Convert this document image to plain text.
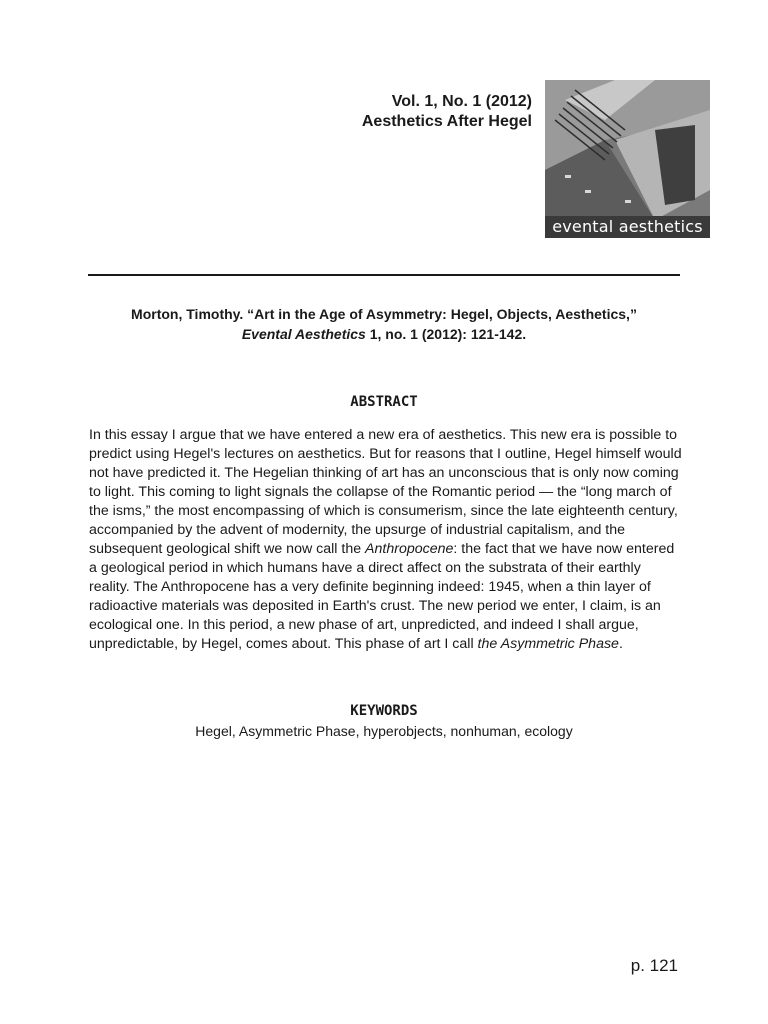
Vol. 1, No. 1 (2012)
Aesthetics After Hegel
evental aesthetics
Morton, Timothy. “Art in the Age of Asymmetry: Hegel, Objects, Aesthetics,”
Evental Aesthetics 1, no. 1 (2012): 121-142.
ABSTRACT

In this essay I argue that we have entered a new era of aesthetics. This new era is possible to predict using Hegel's lectures on aesthetics. But for reasons that I outline, Hegel himself would not have predicted it. The Hegelian thinking of art has an unconscious that is only now coming to light. This coming to light signals the collapse of the Romantic period — the “long march of the isms,” the most encompassing of which is consumerism, since the late eighteenth century, accompanied by the advent of modernity, the upsurge of industrial capitalism, and the subsequent geological shift we now call the Anthropocene: the fact that we have now entered a geological period in which humans have a direct affect on the substrata of their earthly reality. The Anthropocene has a very definite beginning indeed: 1945, when a thin layer of radioactive materials was deposited in Earth's crust. The new period we enter, I claim, is an ecological one. In this period, a new phase of art, unpredicted, and indeed I shall argue, unpredictable, by Hegel, comes about. This phase of art I call the Asymmetric Phase.

KEYWORDS
Hegel, Asymmetric Phase, hyperobjects, nonhuman, ecology
p. 121
